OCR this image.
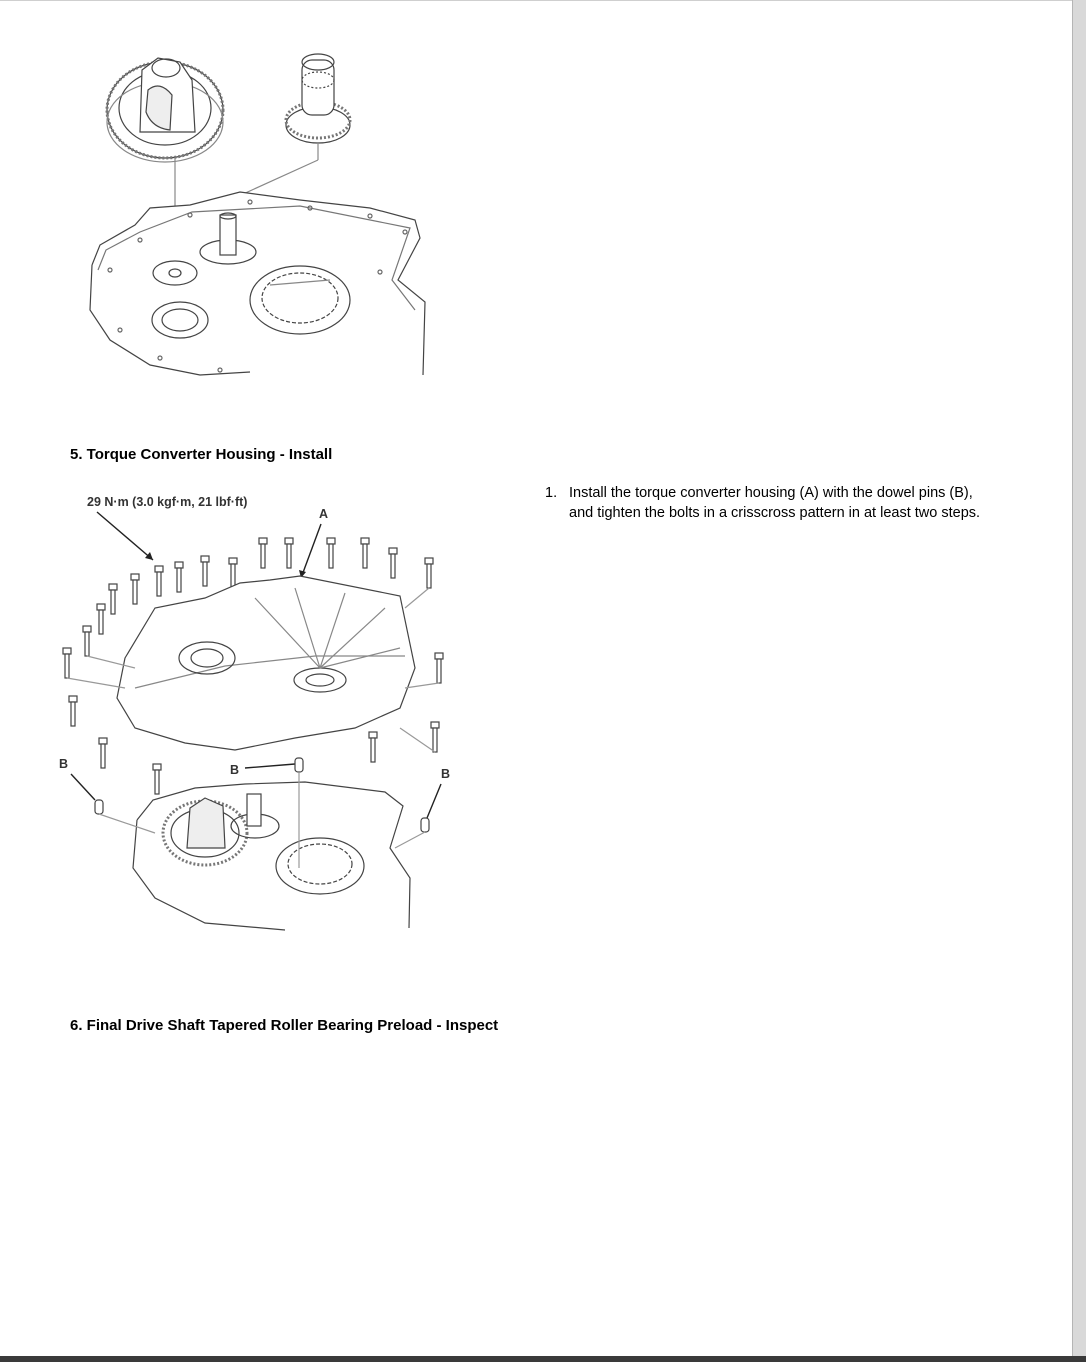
5. Torque Converter Housing - Install
29 N·m (3.0 kgf·m, 21 lbf·ft)
A
B	B	B
1. Install the torque converter housing (A) with the dowel pins (B), and tighten the bolts in a crisscross pattern in at least two steps.
6. Final Drive Shaft Tapered Roller Bearing Preload - Inspect
